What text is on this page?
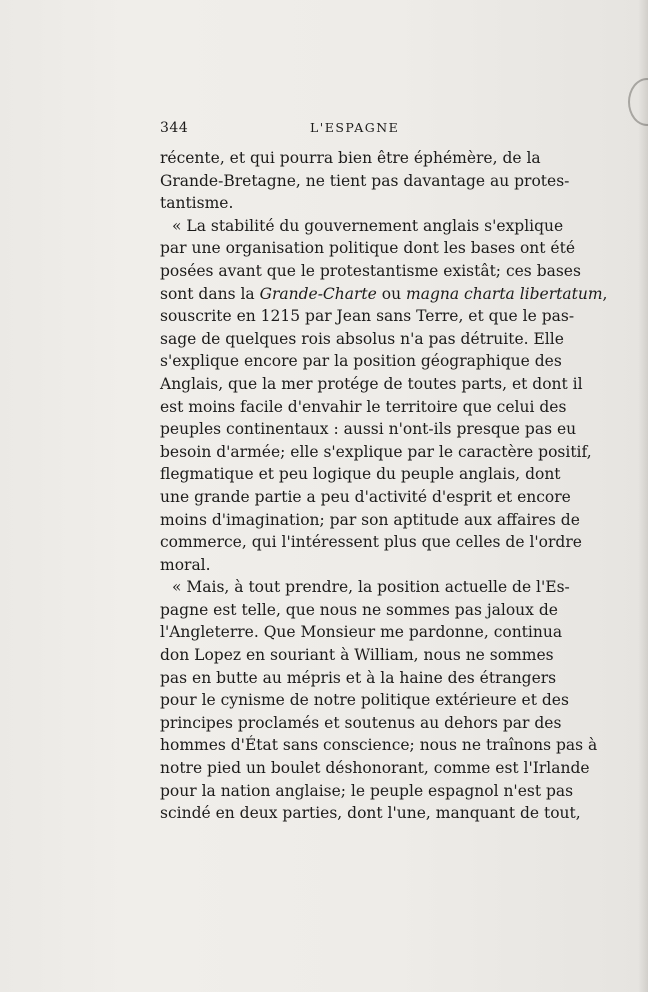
344	L'ESPAGNE
récente, et qui pourra bien être éphémère, de la
Grande-Bretagne, ne tient pas davantage au protes-
tantisme.
« La stabilité du gouvernement anglais s'explique
par une organisation politique dont les bases ont été
posées avant que le protestantisme existât; ces bases
sont dans la Grande-Charte ou magna charta libertatum,
souscrite en 1215 par Jean sans Terre, et que le pas-
sage de quelques rois absolus n'a pas détruite. Elle
s'explique encore par la position géographique des
Anglais, que la mer protége de toutes parts, et dont il
est moins facile d'envahir le territoire que celui des
peuples continentaux : aussi n'ont-ils presque pas eu
besoin d'armée; elle s'explique par le caractère positif,
flegmatique et peu logique du peuple anglais, dont
une grande partie a peu d'activité d'esprit et encore
moins d'imagination; par son aptitude aux affaires de
commerce, qui l'intéressent plus que celles de l'ordre
moral.
« Mais, à tout prendre, la position actuelle de l'Es-
pagne est telle, que nous ne sommes pas jaloux de
l'Angleterre. Que Monsieur me pardonne, continua
don Lopez en souriant à William, nous ne sommes
pas en butte au mépris et à la haine des étrangers
pour le cynisme de notre politique extérieure et des
principes proclamés et soutenus au dehors par des
hommes d'État sans conscience; nous ne traînons pas à
notre pied un boulet déshonorant, comme est l'Irlande
pour la nation anglaise; le peuple espagnol n'est pas
scindé en deux parties, dont l'une, manquant de tout,
